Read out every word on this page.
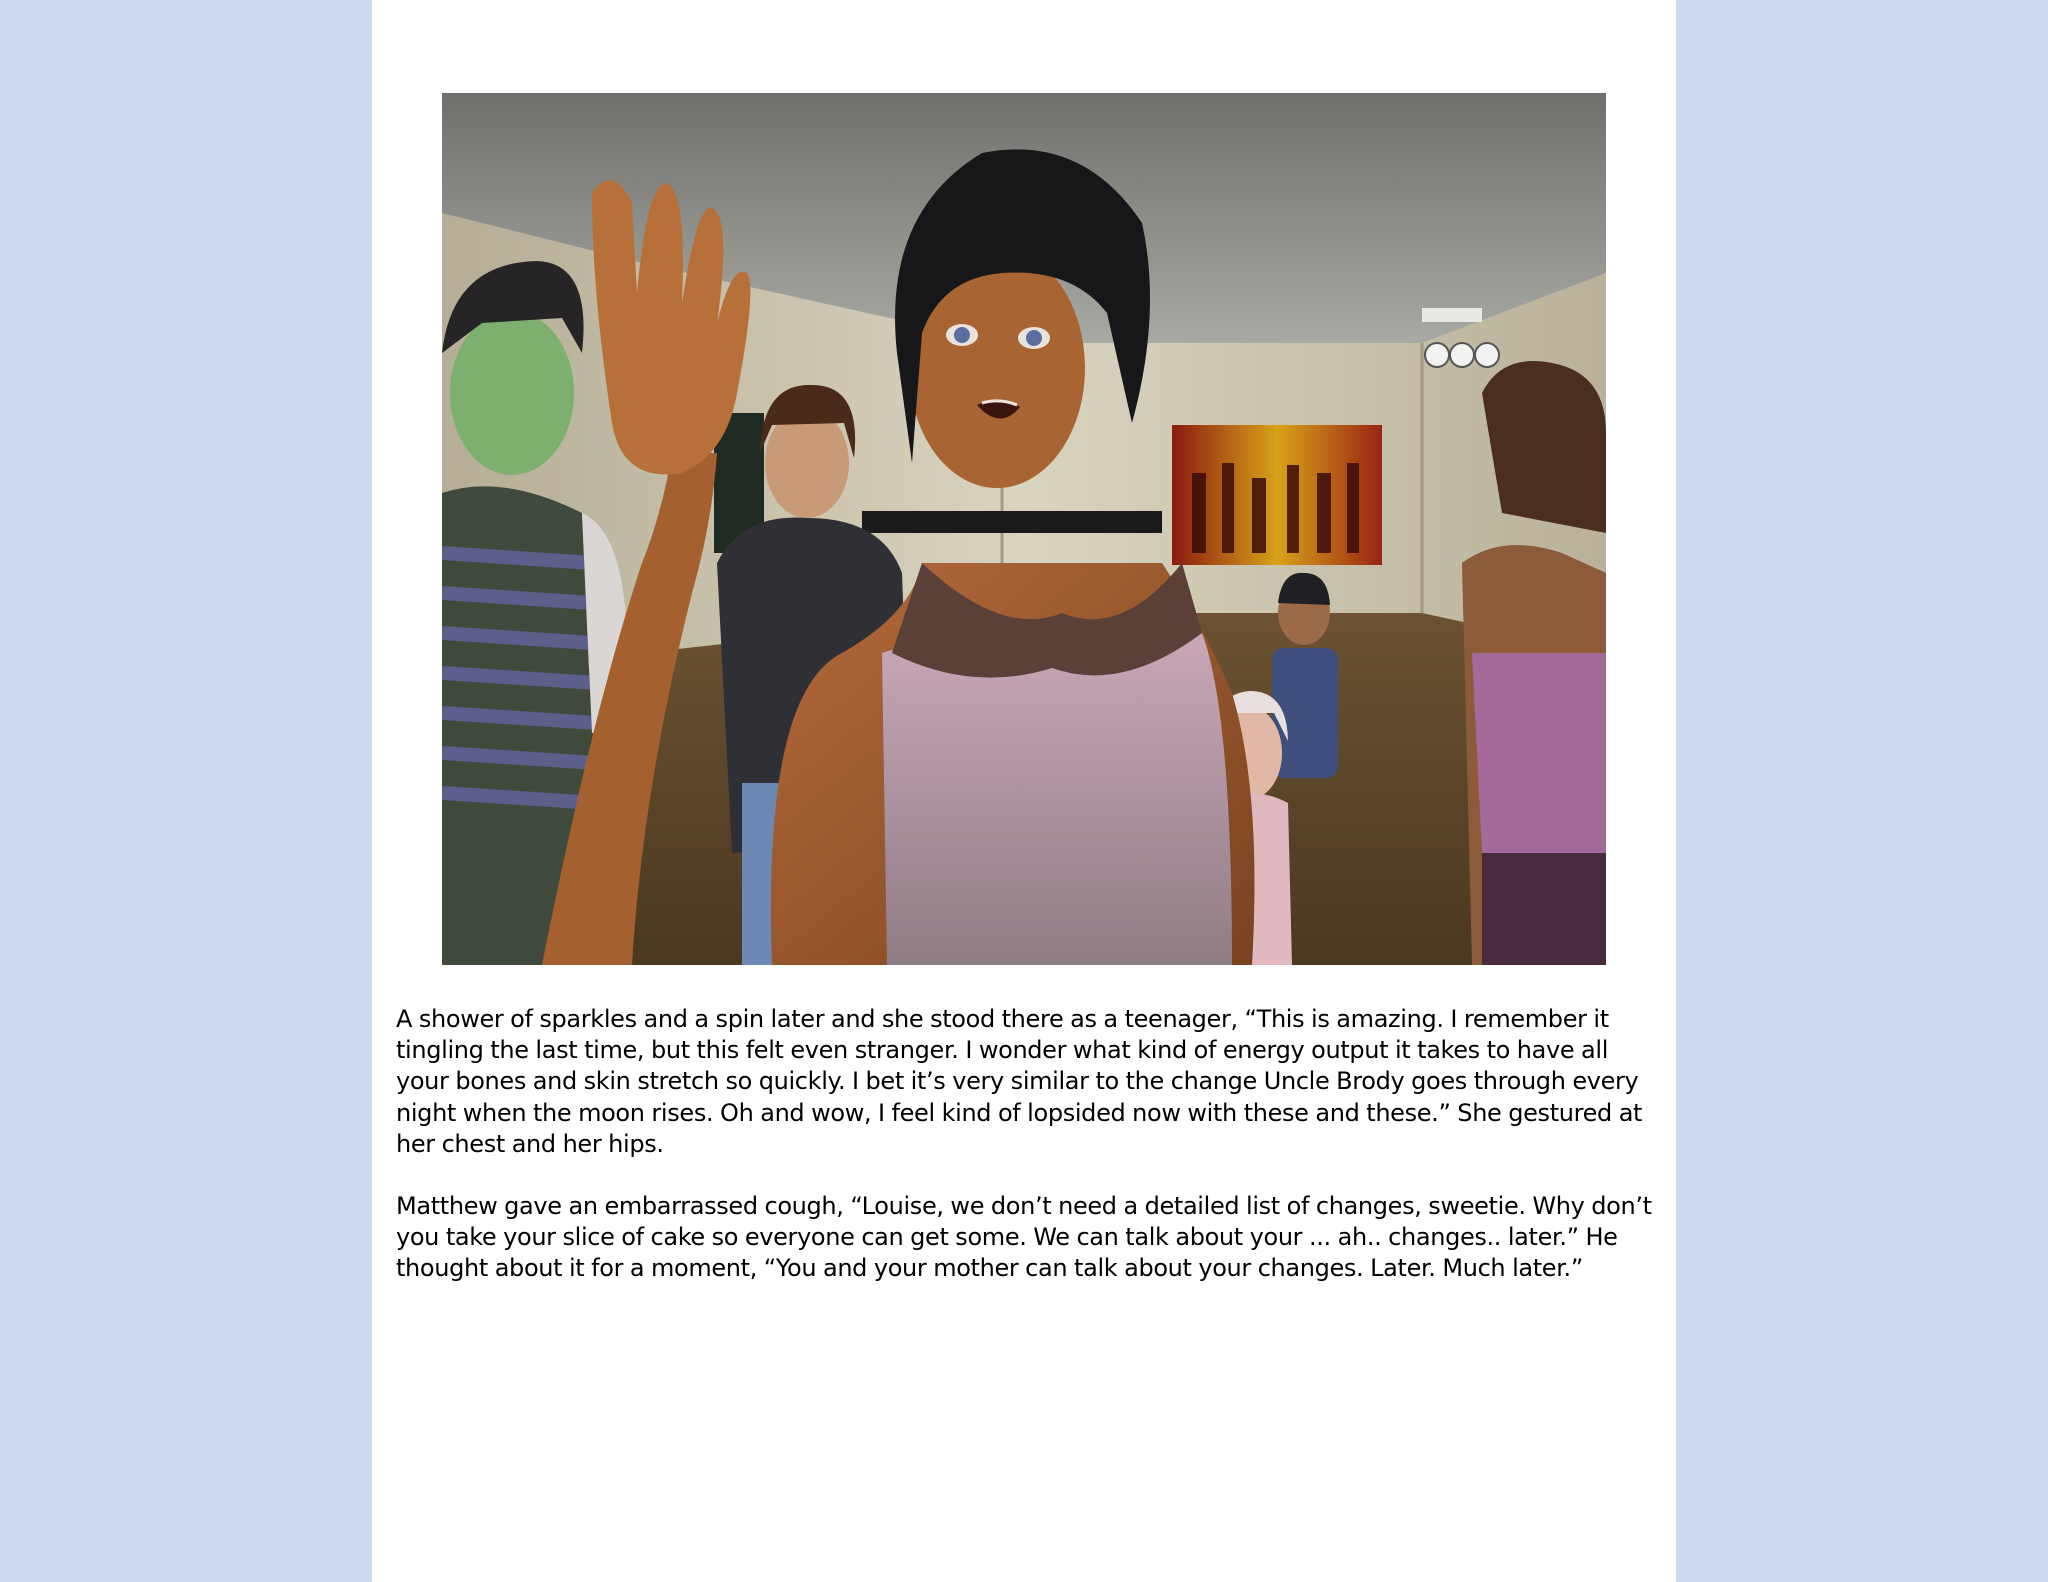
A shower of sparkles and a spin later and she stood there as a teenager, “This is amazing. I remember it tingling the last time, but this felt even stranger. I wonder what kind of energy output it takes to have all your bones and skin stretch so quickly. I bet it’s very similar to the change Uncle Brody goes through every night when the moon rises. Oh and wow, I feel kind of lopsided now with these and these.” She gestured at her chest and her hips.

Matthew gave an embarrassed cough, “Louise, we don’t need a detailed list of changes, sweetie. Why don’t you take your slice of cake so everyone can get some. We can talk about your ... ah.. changes.. later.” He thought about it for a moment, “You and your mother can talk about your changes. Later. Much later.”
